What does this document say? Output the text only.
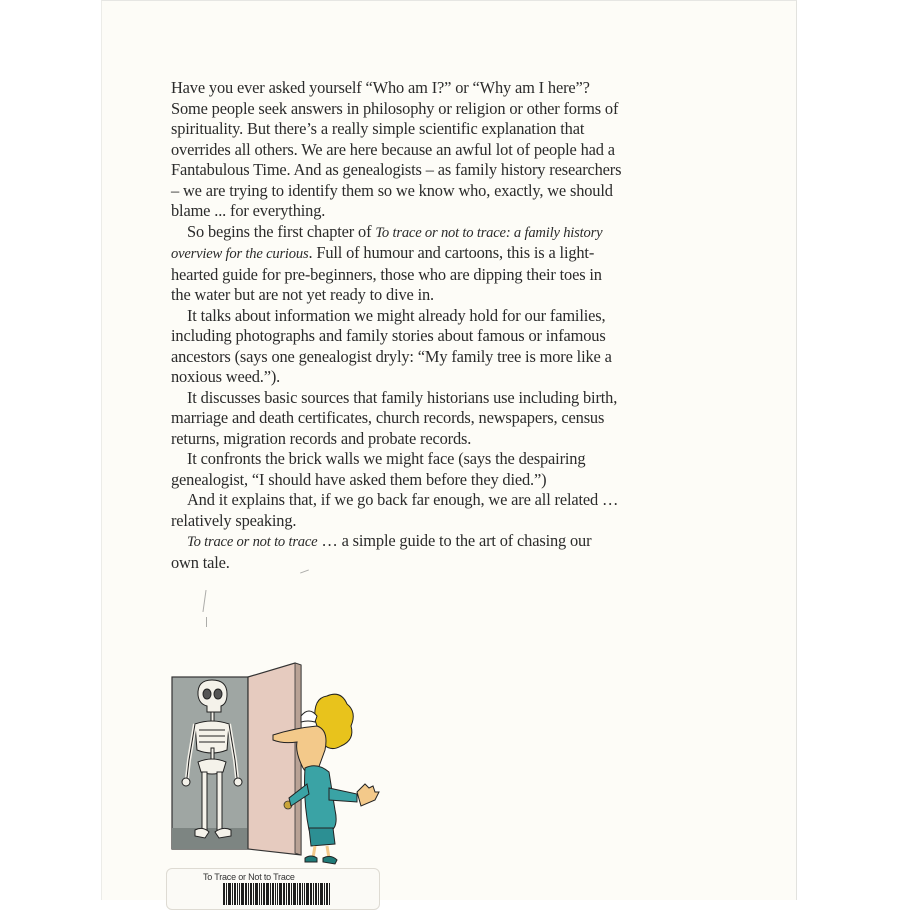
Have you ever asked yourself “Who am I?” or “Why am I here”? Some people seek answers in philosophy or religion or other forms of spirituality. But there’s a really simple scientific explanation that overrides all others. We are here because an awful lot of people had a Fantabulous Time. And as genealogists – as family history researchers – we are trying to identify them so we know who, exactly, we should blame ... for everything.

So begins the first chapter of To trace or not to trace: a family history overview for the curious. Full of humour and cartoons, this is a light-hearted guide for pre-beginners, those who are dipping their toes in the water but are not yet ready to dive in.

It talks about information we might already hold for our families, including photographs and family stories about famous or infamous ancestors (says one genealogist dryly: “My family tree is more like a noxious weed.”).

It discusses basic sources that family historians use including birth, marriage and death certificates, church records, newspapers, census returns, migration records and probate records.

It confronts the brick walls we might face (says the despairing genealogist, “I should have asked them before they died.”)

And it explains that, if we go back far enough, we are all related … relatively speaking.

To trace or not to trace … a simple guide to the art of chasing our own tale.

To Trace or Not to Trace
